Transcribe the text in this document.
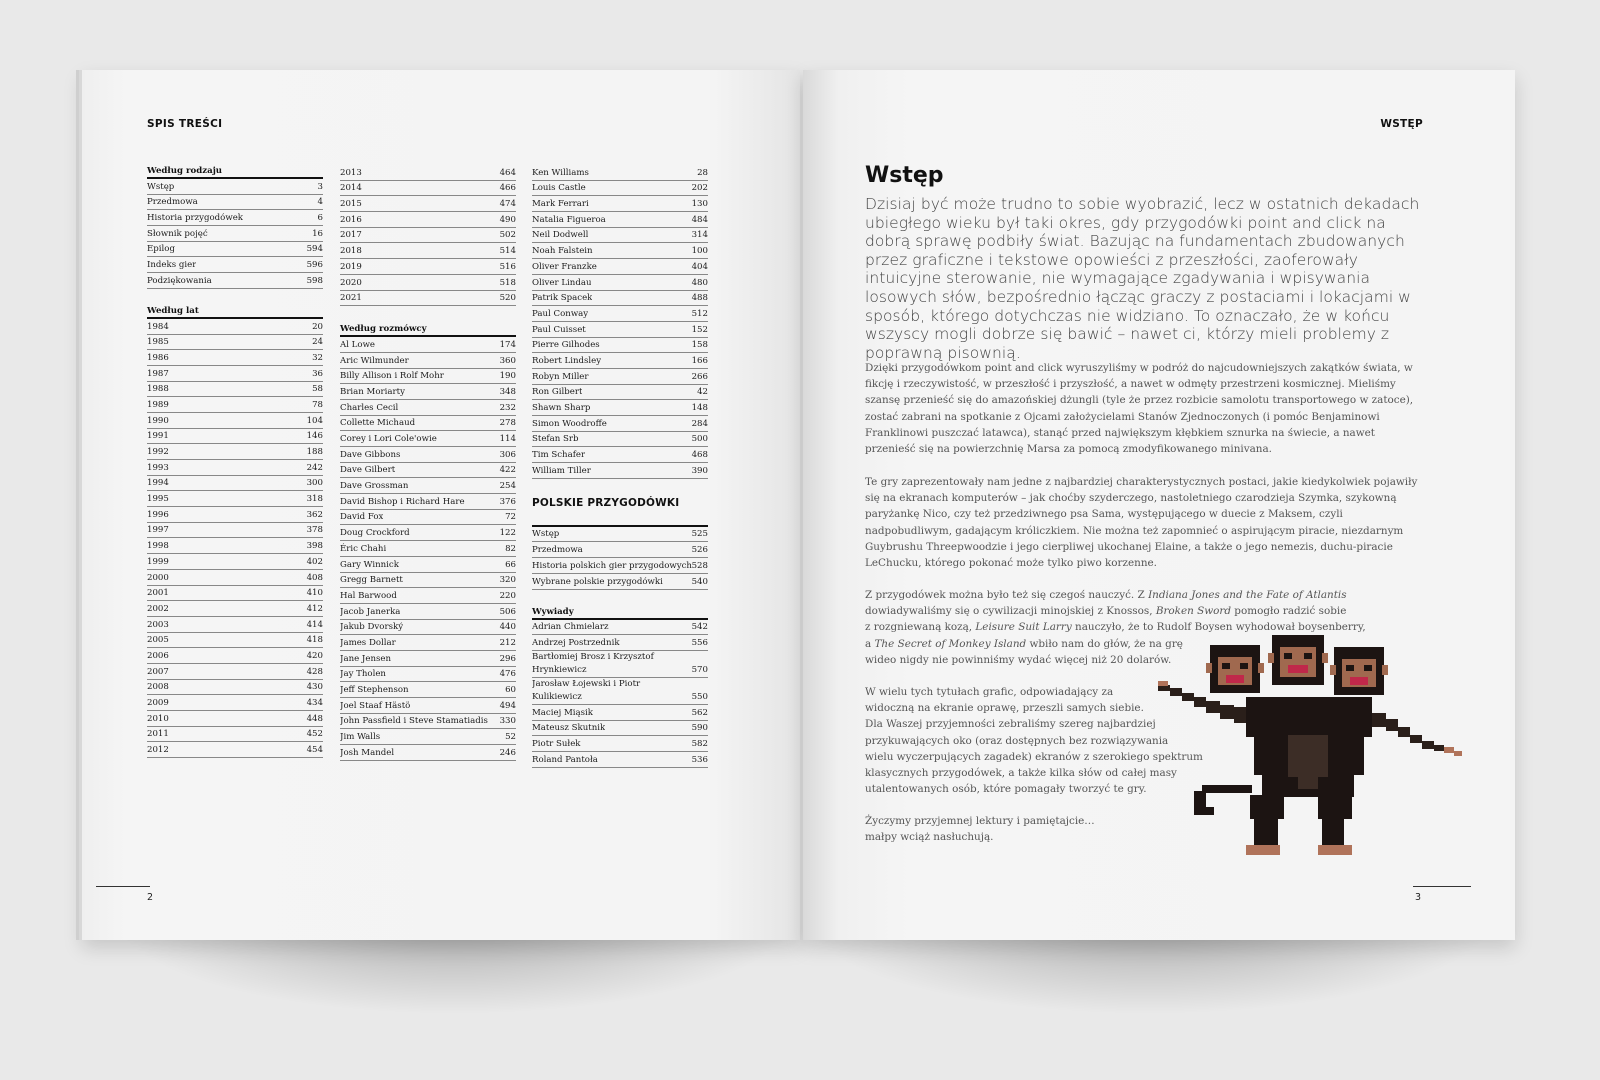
SPIS TREŚCI
Według rodzaju
Wstęp	3
Przedmowa	4
Historia przygodówek	6
Słownik pojęć	16
Epilog	594
Indeks gier	596
Podziękowania	598
Według lat
1984	20
1985	24
1986	32
1987	36
1988	58
1989	78
1990	104
1991	146
1992	188
1993	242
1994	300
1995	318
1996	362
1997	378
1998	398
1999	402
2000	408
2001	410
2002	412
2003	414
2005	418
2006	420
2007	428
2008	430
2009	434
2010	448
2011	452
2012	454
2013	464
2014	466
2015	474
2016	490
2017	502
2018	514
2019	516
2020	518
2021	520
Według rozmówcy
Al Lowe	174
Aric Wilmunder	360
Billy Allison i Rolf Mohr	190
Brian Moriarty	348
Charles Cecil	232
Collette Michaud	278
Corey i Lori Cole'owie	114
Dave Gibbons	306
Dave Gilbert	422
Dave Grossman	254
David Bishop i Richard Hare	376
David Fox	72
Doug Crockford	122
Éric Chahi	82
Gary Winnick	66
Gregg Barnett	320
Hal Barwood	220
Jacob Janerka	506
Jakub Dvorský	440
James Dollar	212
Jane Jensen	296
Jay Tholen	476
Jeff Stephenson	60
Joel Staaf Hästö	494
John Passfield i Steve Stamatiadis 330
Jim Walls	52
Josh Mandel	246
Ken Williams	28
Louis Castle	202
Mark Ferrari	130
Natalia Figueroa	484
Neil Dodwell	314
Noah Falstein	100
Oliver Franzke	404
Oliver Lindau	480
Patrik Spacek	488
Paul Conway	512
Paul Cuisset	152
Pierre Gilhodes	158
Robert Lindsley	166
Robyn Miller	266
Ron Gilbert	42
Shawn Sharp	148
Simon Woodroffe	284
Stefan Srb	500
Tim Schafer	468
William Tiller	390
POLSKIE PRZYGODÓWKI
Wstęp	525
Przedmowa	526
Historia polskich gier przygodowych 528
Wybrane polskie przygodówki	540
Wywiady
Adrian Chmielarz	542
Andrzej Postrzednik	556
Bartłomiej Brosz i Krzysztof Hrynkiewicz	570
Jarosław Łojewski i Piotr Kulikiewicz	550
Maciej Miąsik	562
Mateusz Skutnik	590
Piotr Sułek	582
Roland Pantoła	536
2
WSTĘP
Wstęp
Dzisiaj być może trudno to sobie wyobrazić, lecz w ostatnich dekadach ubiegłego wieku był taki okres, gdy przygodówki point and click na dobrą sprawę podbiły świat. Bazując na fundamentach zbudowanych przez graficzne i tekstowe opowieści z przeszłości, zaoferowały intuicyjne sterowanie, nie wymagające zgadywania i wpisywania losowych słów, bezpośrednio łącząc graczy z postaciami i lokacjami w sposób, którego dotychczas nie widziano. To oznaczało, że w końcu wszyscy mogli dobrze się bawić – nawet ci, którzy mieli problemy z poprawną pisownią.
Dzięki przygodówkom point and click wyruszyliśmy w podróż do najcudowniejszych zakątków świata, w fikcję i rzeczywistość, w przeszłość i przyszłość, a nawet w odmęty przestrzeni kosmicznej. Mieliśmy szansę przenieść się do amazońskiej dżungli (tyle że przez rozbicie samolotu transportowego w zatoce), zostać zabrani na spotkanie z Ojcami założycielami Stanów Zjednoczonych (i pomóc Benjaminowi Franklinowi puszczać latawca), stanąć przed największym kłębkiem sznurka na świecie, a nawet przenieść się na powierzchnię Marsa za pomocą zmodyfikowanego minivana.
Te gry zaprezentowały nam jedne z najbardziej charakterystycznych postaci, jakie kiedykolwiek pojawiły się na ekranach komputerów – jak choćby szyderczego, nastoletniego czarodzieja Szymka, szykowną paryżankę Nico, czy też przedziwnego psa Sama, występującego w duecie z Maksem, czyli nadpobudliwym, gadającym króliczkiem. Nie można też zapomnieć o aspirującym piracie, niezdarnym Guybrushu Threepwoodzie i jego cierpliwej ukochanej Elaine, a także o jego nemezis, duchu-piracie LeChucku, którego pokonać może tylko piwo korzenne.
Z przygodówek można było też się czegoś nauczyć. Z Indiana Jones and the Fate of Atlantis
dowiadywaliśmy się o cywilizacji minojskiej z Knossos, Broken Sword pomogło radzić sobie
z rozgniewaną kozą, Leisure Suit Larry nauczyło, że to Rudolf Boysen wyhodował boysenberry,
a The Secret of Monkey Island wbiło nam do głów, że na grę
wideo nigdy nie powinniśmy wydać więcej niż 20 dolarów.
W wielu tych tytułach grafic, odpowiadający za
widoczną na ekranie oprawę, przeszli samych siebie.
Dla Waszej przyjemności zebraliśmy szereg najbardziej
przykuwających oko (oraz dostępnych bez rozwiązywania
wielu wyczerpujących zagadek) ekranów z szerokiego spektrum
klasycznych przygodówek, a także kilka słów od całej masy
utalentowanych osób, które pomagały tworzyć te gry.
Życzymy przyjemnej lektury i pamiętajcie…
małpy wciąż nasłuchują.
3
